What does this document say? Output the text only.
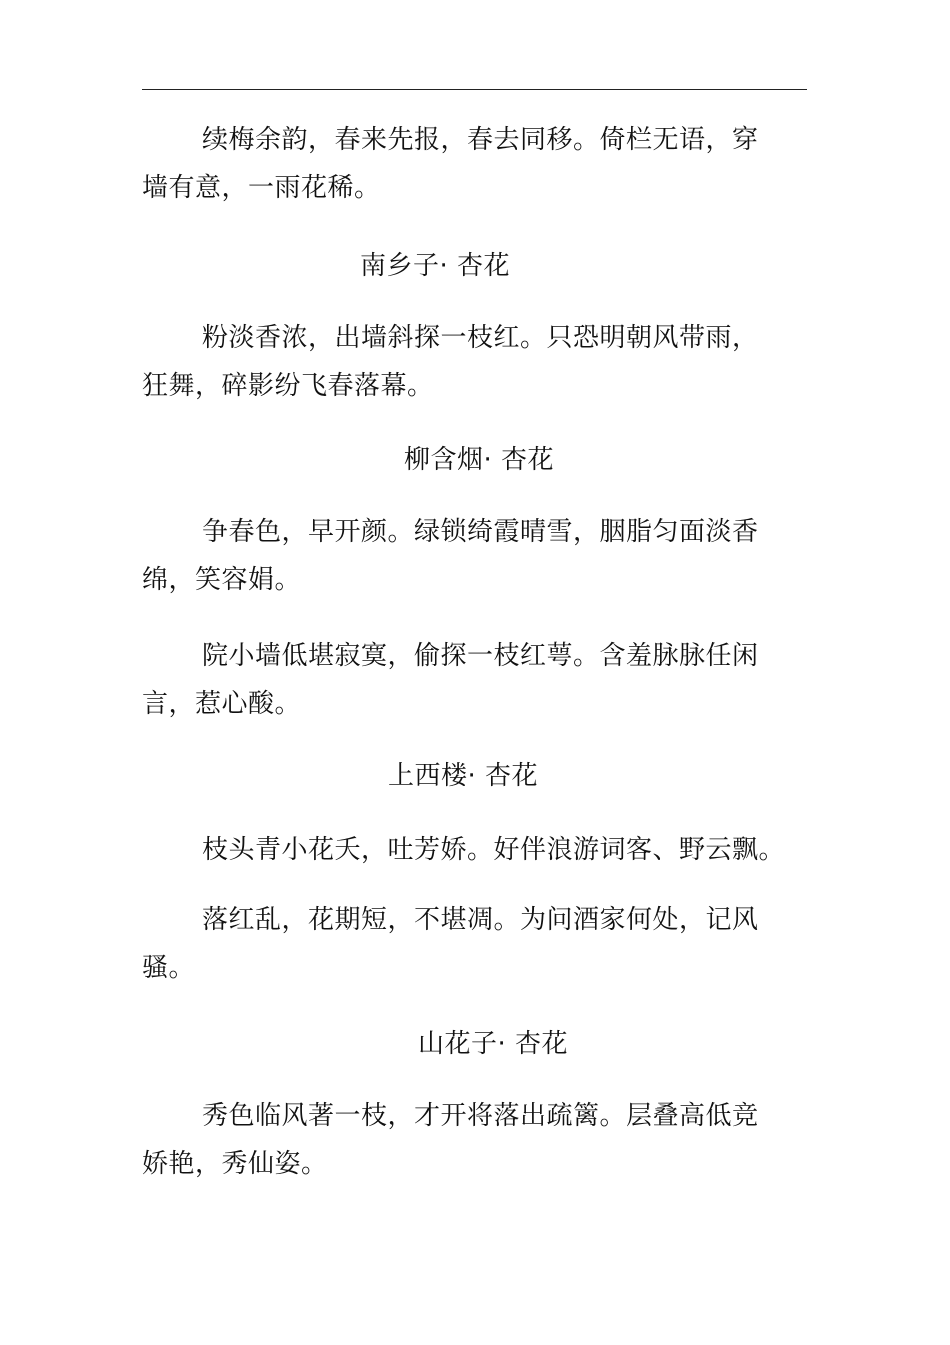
续梅余韵，春来先报，春去同移。倚栏无语，穿墙有意，一雨花稀。

南乡子· 杏花

粉淡香浓，出墙斜探一枝红。只恐明朝风带雨，狂舞，碎影纷飞春落幕。

柳含烟· 杏花

争春色，早开颜。绿锁绮霞晴雪，胭脂匀面淡香绵，笑容娟。

院小墙低堪寂寞，偷探一枝红萼。含羞脉脉任闲言，惹心酸。

上西楼· 杏花

枝头青小花夭，吐芳娇。好伴浪游词客、野云飘。

落红乱，花期短，不堪凋。为问酒家何处，记风骚。

山花子· 杏花

秀色临风著一枝，才开将落出疏篱。层叠高低竞娇艳，秀仙姿。
